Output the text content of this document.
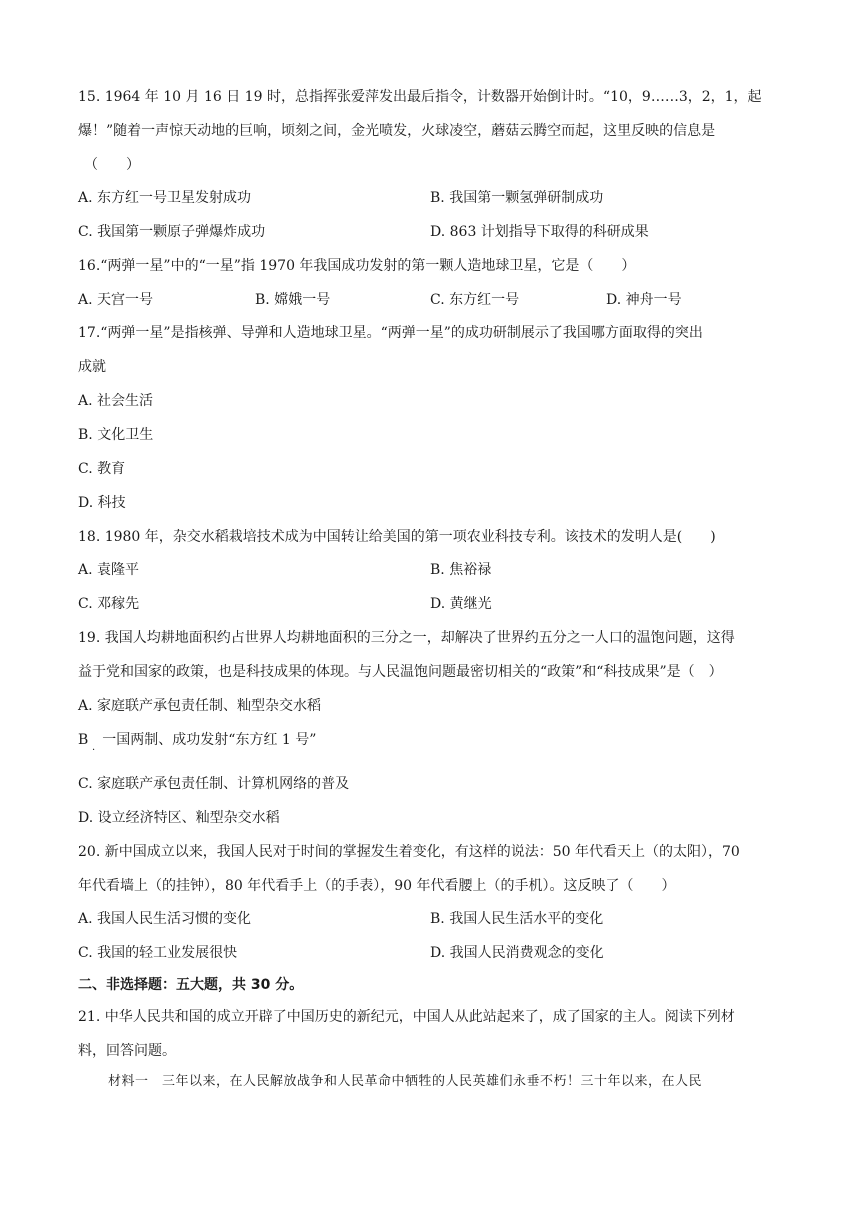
15. 1964 年 10 月 16 日 19 时，总指挥张爱萍发出最后指令，计数器开始倒计时。“10，9……3，2，1，起
爆！”随着一声惊天动地的巨响，顷刻之间，金光喷发，火球凌空，蘑菇云腾空而起，这里反映的信息是
（　　）
A. 东方红一号卫星发射成功	B. 我国第一颗氢弹研制成功
C. 我国第一颗原子弹爆炸成功	D. 863 计划指导下取得的科研成果
16.“两弹一星”中的“一星”指 1970 年我国成功发射的第一颗人造地球卫星，它是（　　）
A. 天宫一号	B. 嫦娥一号	C. 东方红一号	D. 神舟一号
17.“两弹一星”是指核弹、导弹和人造地球卫星。“两弹一星”的成功研制展示了我国哪方面取得的突出
成就
A. 社会生活
B. 文化卫生
C. 教育
D. 科技
18. 1980 年，杂交水稻栽培技术成为中国转让给美国的第一项农业科技专利。该技术的发明人是(　　)
A. 袁隆平	B. 焦裕禄
C. 邓稼先	D. 黄继光
19. 我国人均耕地面积约占世界人均耕地面积的三分之一，却解决了世界约五分之一人口的温饱问题，这得
益于党和国家的政策，也是科技成果的体现。与人民温饱问题最密切相关的“政策”和“科技成果”是（　）
A. 家庭联产承包责任制、籼型杂交水稻
B　一国两制、成功发射“东方红 1 号”
·
C. 家庭联产承包责任制、计算机网络的普及
D. 设立经济特区、籼型杂交水稻
20. 新中国成立以来，我国人民对于时间的掌握发生着变化，有这样的说法：50 年代看天上（的太阳），70
年代看墙上（的挂钟），80 年代看手上（的手表），90 年代看腰上（的手机）。这反映了（　　）
A. 我国人民生活习惯的变化	B. 我国人民生活水平的变化
C. 我国的轻工业发展很快	D. 我国人民消费观念的变化
二、非选择题：五大题，共 30 分。
21. 中华人民共和国的成立开辟了中国历史的新纪元，中国人从此站起来了，成了国家的主人。阅读下列材
料，回答问题。
材料一　三年以来，在人民解放战争和人民革命中牺牲的人民英雄们永垂不朽！三十年以来，在人民
